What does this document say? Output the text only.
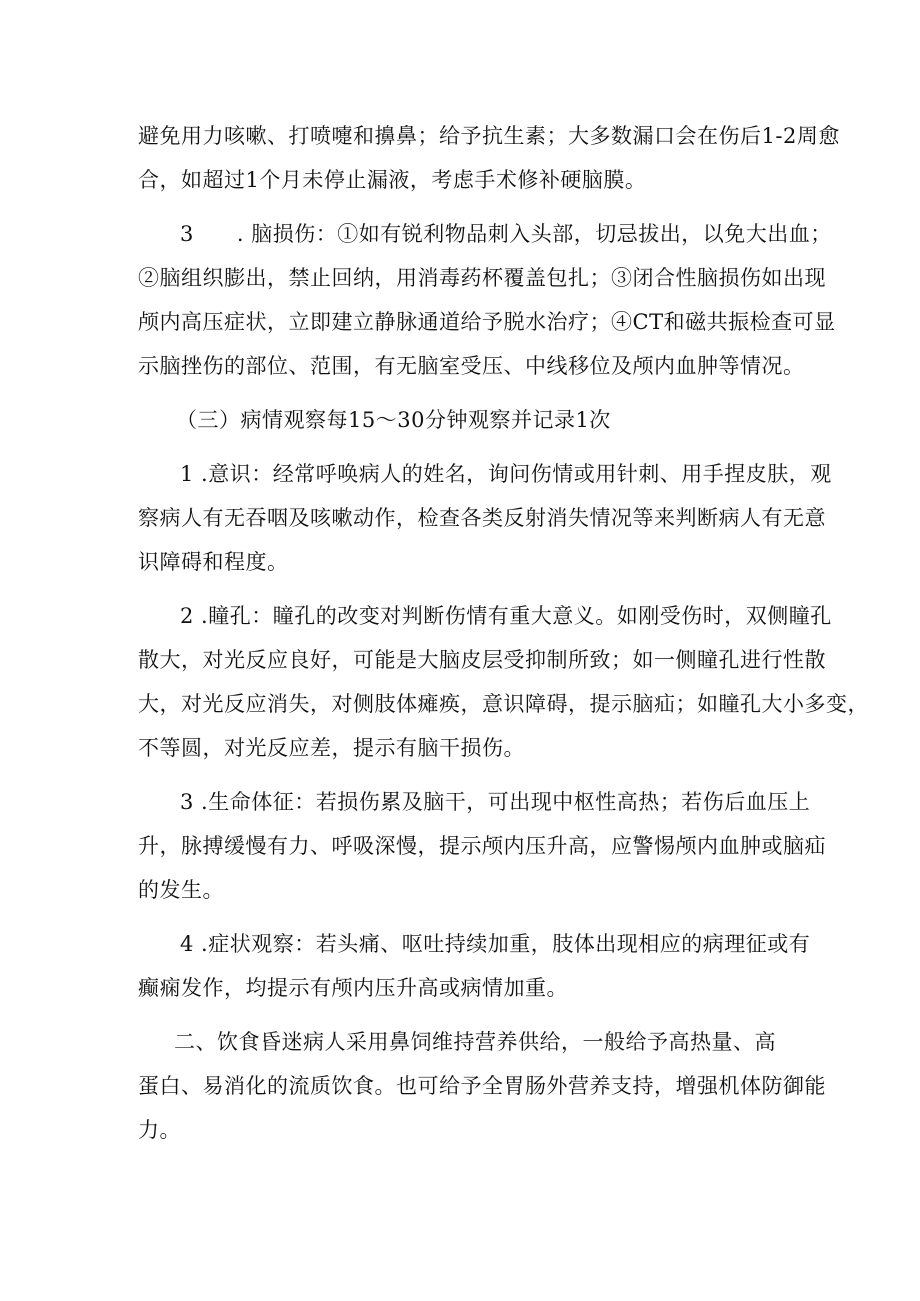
避免用力咳嗽、打喷嚏和擤鼻；给予抗生素；大多数漏口会在伤后1-2周愈
合，如超过1个月未停止漏液，考虑手术修补硬脑膜。

3　　. 脑损伤：①如有锐利物品刺入头部，切忌拔出，以免大出血；
②脑组织膨出，禁止回纳，用消毒药杯覆盖包扎；③闭合性脑损伤如出现
颅内高压症状，立即建立静脉通道给予脱水治疗；④CT和磁共振检查可显
示脑挫伤的部位、范围，有无脑室受压、中线移位及颅内血肿等情况。

（三）病情观察每15〜30分钟观察并记录1次

1 .意识：经常呼唤病人的姓名，询问伤情或用针刺、用手捏皮肤，观
察病人有无吞咽及咳嗽动作，检查各类反射消失情况等来判断病人有无意
识障碍和程度。

2 .瞳孔：瞳孔的改变对判断伤情有重大意义。如刚受伤时，双侧瞳孔
散大，对光反应良好，可能是大脑皮层受抑制所致；如一侧瞳孔进行性散
大，对光反应消失，对侧肢体瘫痪，意识障碍，提示脑疝；如瞳孔大小多变，
不等圆，对光反应差，提示有脑干损伤。

3 .生命体征：若损伤累及脑干，可出现中枢性高热；若伤后血压上
升，脉搏缓慢有力、呼吸深慢，提示颅内压升高，应警惕颅内血肿或脑疝
的发生。

4 .症状观察：若头痛、呕吐持续加重，肢体出现相应的病理征或有
癫痫发作，均提示有颅内压升高或病情加重。

二、饮食昏迷病人采用鼻饲维持营养供给，一般给予高热量、高
蛋白、易消化的流质饮食。也可给予全胃肠外营养支持，增强机体防御能
力。
